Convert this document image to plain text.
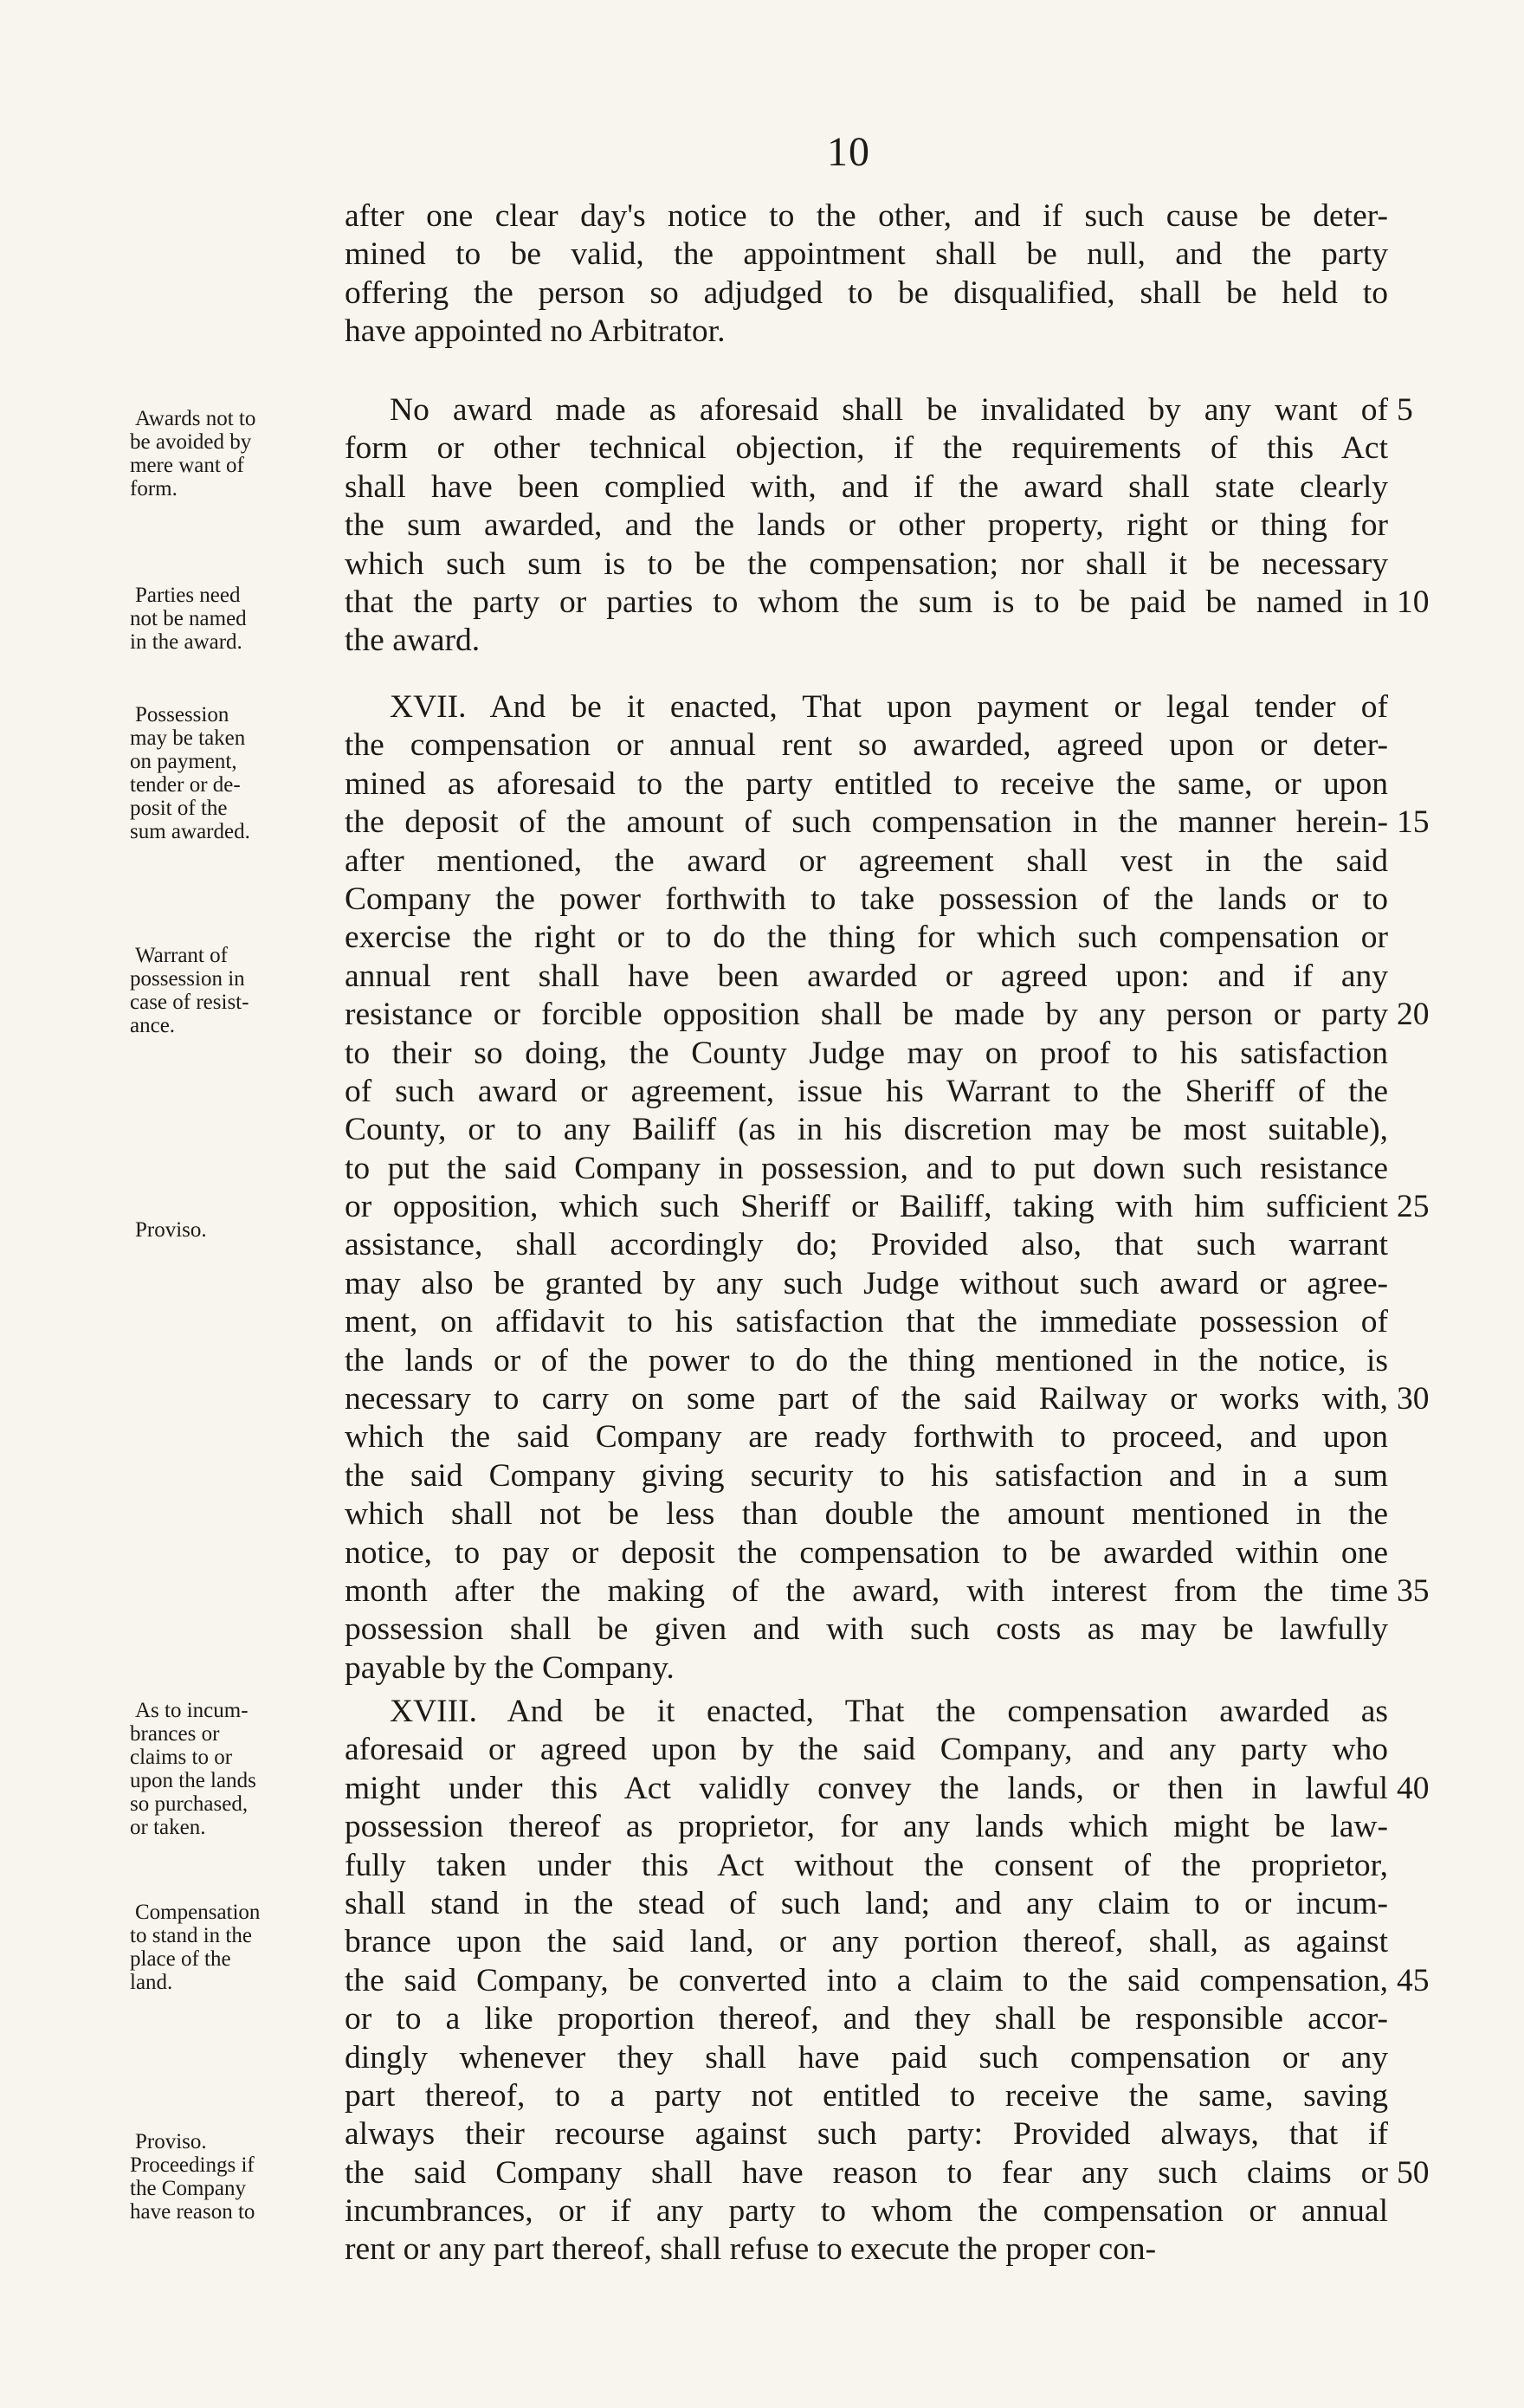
10
after one clear day's notice to the other, and if such cause be deter-
mined to be valid, the appointment shall be null, and the party
offering the person so adjudged to be disqualified, shall be held to
have appointed no Arbitrator.
No award made as aforesaid shall be invalidated by any want of 5
form or other technical objection, if the requirements of this Act
shall have been complied with, and if the award shall state clearly
the sum awarded, and the lands or other property, right or thing for
which such sum is to be the compensation; nor shall it be necessary
that the party or parties to whom the sum is to be paid be named in 10
the award.
XVII. And be it enacted, That upon payment or legal tender of
the compensation or annual rent so awarded, agreed upon or deter-
mined as aforesaid to the party entitled to receive the same, or upon
the deposit of the amount of such compensation in the manner herein- 15
after mentioned, the award or agreement shall vest in the said
Company the power forthwith to take possession of the lands or to
exercise the right or to do the thing for which such compensation or
annual rent shall have been awarded or agreed upon: and if any
resistance or forcible opposition shall be made by any person or party 20
to their so doing, the County Judge may on proof to his satisfaction
of such award or agreement, issue his Warrant to the Sheriff of the
County, or to any Bailiff (as in his discretion may be most suitable),
to put the said Company in possession, and to put down such resistance
or opposition, which such Sheriff or Bailiff, taking with him sufficient 25
assistance, shall accordingly do; Provided also, that such warrant
may also be granted by any such Judge without such award or agree-
ment, on affidavit to his satisfaction that the immediate possession of
the lands or of the power to do the thing mentioned in the notice, is
necessary to carry on some part of the said Railway or works with, 30
which the said Company are ready forthwith to proceed, and upon
the said Company giving security to his satisfaction and in a sum
which shall not be less than double the amount mentioned in the
notice, to pay or deposit the compensation to be awarded within one
month after the making of the award, with interest from the time 35
possession shall be given and with such costs as may be lawfully
payable by the Company.
XVIII. And be it enacted, That the compensation awarded as
aforesaid or agreed upon by the said Company, and any party who
might under this Act validly convey the lands, or then in lawful 40
possession thereof as proprietor, for any lands which might be law-
fully taken under this Act without the consent of the proprietor,
shall stand in the stead of such land; and any claim to or incum-
brance upon the said land, or any portion thereof, shall, as against
the said Company, be converted into a claim to the said compensation, 45
or to a like proportion thereof, and they shall be responsible accor-
dingly whenever they shall have paid such compensation or any
part thereof, to a party not entitled to receive the same, saving
always their recourse against such party: Provided always, that if
the said Company shall have reason to fear any such claims or 50
incumbrances, or if any party to whom the compensation or annual
rent or any part thereof, shall refuse to execute the proper con-
Awards not to
be avoided by
mere want of
form.
Parties need
not be named
in the award.
Possession
may be taken
on payment,
tender or de-
posit of the
sum awarded.
Warrant of
possession in
case of resist-
ance.
Proviso.
As to incum-
brances or
claims to or
upon the lands
so purchased,
or taken.
Compensation
to stand in the
place of the
land.
Proviso.
Proceedings if
the Company
have reason to
